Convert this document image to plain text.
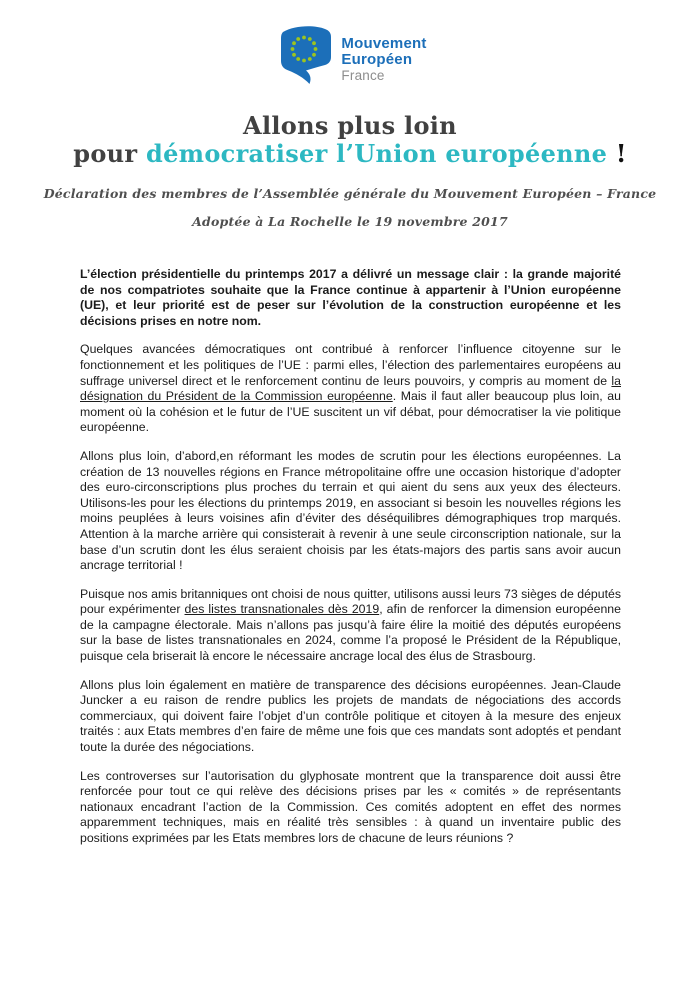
Mouvement
Européen
France
Allons plus loin
pour démocratiser l’Union européenne !
Déclaration des membres de l’Assemblée générale du Mouvement Européen – France
Adoptée à La Rochelle le 19 novembre 2017

L’élection présidentielle du printemps 2017 a délivré un message clair : la grande majorité de nos compatriotes souhaite que la France continue à appartenir à l’Union européenne (UE), et leur priorité est de peser sur l’évolution de la construction européenne et les décisions prises en notre nom.

Quelques avancées démocratiques ont contribué à renforcer l’influence citoyenne sur le fonctionnement et les politiques de l’UE : parmi elles, l’élection des parlementaires européens au suffrage universel direct et le renforcement continu de leurs pouvoirs, y compris au moment de la désignation du Président de la Commission européenne. Mais il faut aller beaucoup plus loin, au moment où la cohésion et le futur de l’UE suscitent un vif débat, pour démocratiser la vie politique européenne.

Allons plus loin, d’abord,en réformant les modes de scrutin pour les élections européennes. La création de 13 nouvelles régions en France métropolitaine offre une occasion historique d’adopter des euro-circonscriptions plus proches du terrain et qui aient du sens aux yeux des électeurs. Utilisons-les pour les élections du printemps 2019, en associant si besoin les nouvelles régions les moins peuplées à leurs voisines afin d’éviter des déséquilibres démographiques trop marqués. Attention à la marche arrière qui consisterait à revenir à une seule circonscription nationale, sur la base d’un scrutin dont les élus seraient choisis par les états-majors des partis sans avoir aucun ancrage territorial !

Puisque nos amis britanniques ont choisi de nous quitter, utilisons aussi leurs 73 sièges de députés pour expérimenter des listes transnationales dès 2019, afin de renforcer la dimension européenne de la campagne électorale. Mais n’allons pas jusqu’à faire élire la moitié des députés européens sur la base de listes transnationales en 2024, comme l’a proposé le Président de la République, puisque cela briserait là encore le nécessaire ancrage local des élus de Strasbourg.

Allons plus loin également en matière de transparence des décisions européennes. Jean-Claude Juncker a eu raison de rendre publics les projets de mandats de négociations des accords commerciaux, qui doivent faire l’objet d’un contrôle politique et citoyen à la mesure des enjeux traités : aux Etats membres d’en faire de même une fois que ces mandats sont adoptés et pendant toute la durée des négociations.

Les controverses sur l’autorisation du glyphosate montrent que la transparence doit aussi être renforcée pour tout ce qui relève des décisions prises par les « comités » de représentants nationaux encadrant l’action de la Commission. Ces comités adoptent en effet des normes apparemment techniques, mais en réalité très sensibles : à quand un inventaire public des positions exprimées par les Etats membres lors de chacune de leurs réunions ?
